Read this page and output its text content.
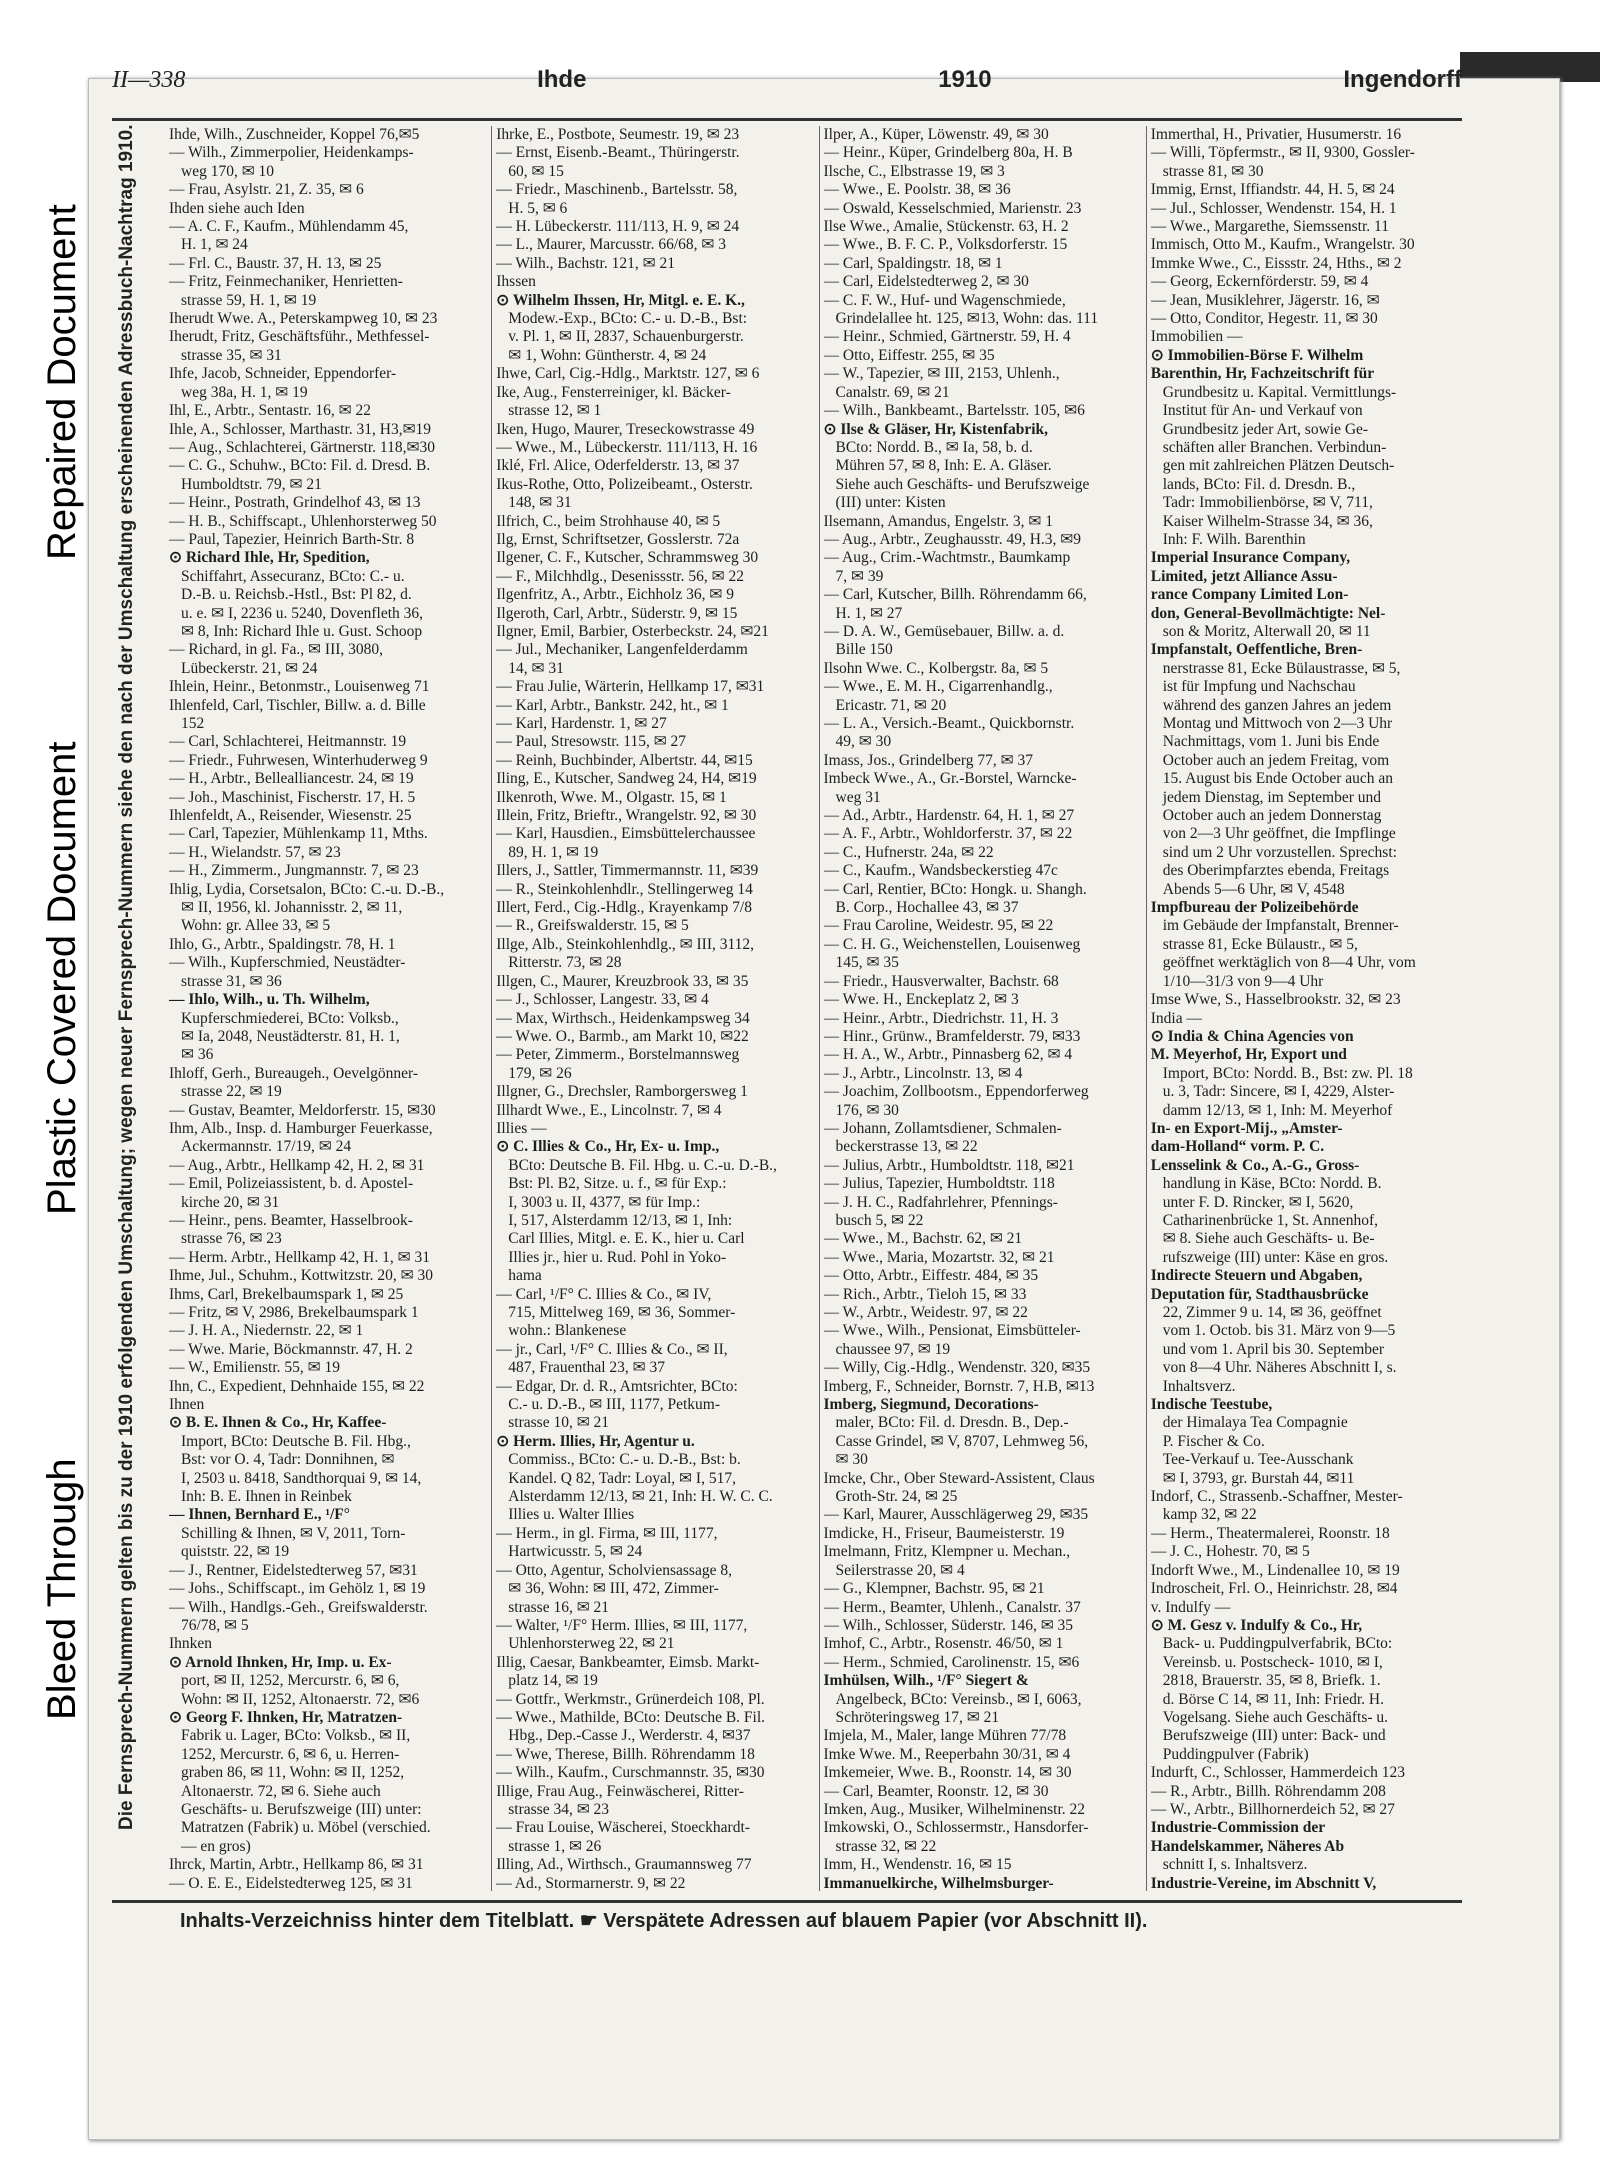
Bleed Through
Plastic Covered Document
Repaired Document
II—338	Ihde	1910	Ingendorff
Die Fernsprech-Nummern gelten bis zu der 1910 erfolgenden Umschaltung; wegen neuer Fernsprech-Nummern siehe den nach der Umschaltung erscheinenden Adressbuch-Nachtrag 1910. Ihde, Wilh., Zuschneider, Koppel 76,✉5
— Wilh., Zimmerpolier, Heidenkamps-
weg 170, ✉ 10
— Frau, Asylstr. 21, Z. 35, ✉ 6
Ihden siehe auch Iden
— A. C. F., Kaufm., Mühlendamm 45,
H. 1, ✉ 24
— Frl. C., Baustr. 37, H. 13, ✉ 25
— Fritz, Feinmechaniker, Henrietten-
strasse 59, H. 1, ✉ 19
Iherudt Wwe. A., Peterskampweg 10, ✉ 23
Iherudt, Fritz, Geschäftsführ., Methfessel-
strasse 35, ✉ 31
Ihfe, Jacob, Schneider, Eppendorfer-
weg 38a, H. 1, ✉ 19
Ihl, E., Arbtr., Sentastr. 16, ✉ 22
Ihle, A., Schlosser, Marthastr. 31, H3,✉19
— Aug., Schlachterei, Gärtnerstr. 118,✉30
— C. G., Schuhw., BCto: Fil. d. Dresd. B.
Humboldtstr. 79, ✉ 21
— Heinr., Postrath, Grindelhof 43, ✉ 13
— H. B., Schiffscapt., Uhlenhorsterweg 50
— Paul, Tapezier, Heinrich Barth-Str. 8
⊙ Richard Ihle, Hr, Spedition,
Schiffahrt, Assecuranz, BCto: C.- u.
D.-B. u. Reichsb.-Hstl., Bst: Pl 82, d.
u. e. ✉ I, 2236 u. 5240, Dovenfleth 36,
✉ 8, Inh: Richard Ihle u. Gust. Schoop
— Richard, in gl. Fa., ✉ III, 3080,
Lübeckerstr. 21, ✉ 24
Ihlein, Heinr., Betonmstr., Louisenweg 71
Ihlenfeld, Carl, Tischler, Billw. a. d. Bille
152
— Carl, Schlachterei, Heitmannstr. 19
— Friedr., Fuhrwesen, Winterhuderweg 9
— H., Arbtr., Bellealliancestr. 24, ✉ 19
— Joh., Maschinist, Fischerstr. 17, H. 5
Ihlenfeldt, A., Reisender, Wiesenstr. 25
— Carl, Tapezier, Mühlenkamp 11, Mths.
— H., Wielandstr. 57, ✉ 23
— H., Zimmerm., Jungmannstr. 7, ✉ 23
Ihlig, Lydia, Corsetsalon, BCto: C.-u. D.-B.,
✉ II, 1956, kl. Johannisstr. 2, ✉ 11,
Wohn: gr. Allee 33, ✉ 5
Ihlo, G., Arbtr., Spaldingstr. 78, H. 1
— Wilh., Kupferschmied, Neustädter-
strasse 31, ✉ 36
— Ihlo, Wilh., u. Th. Wilhelm,
Kupferschmiederei, BCto: Volksb.,
✉ Ia, 2048, Neustädterstr. 81, H. 1,
✉ 36
Ihloff, Gerh., Bureaugeh., Oevelgönner-
strasse 22, ✉ 19
— Gustav, Beamter, Meldorferstr. 15, ✉30
Ihm, Alb., Insp. d. Hamburger Feuerkasse,
Ackermannstr. 17/19, ✉ 24
— Aug., Arbtr., Hellkamp 42, H. 2, ✉ 31
— Emil, Polizeiassistent, b. d. Apostel-
kirche 20, ✉ 31
— Heinr., pens. Beamter, Hasselbrook-
strasse 76, ✉ 23
— Herm. Arbtr., Hellkamp 42, H. 1, ✉ 31
Ihme, Jul., Schuhm., Kottwitzstr. 20, ✉ 30
Ihms, Carl, Brekelbaumspark 1, ✉ 25
— Fritz, ✉ V, 2986, Brekelbaumspark 1
— J. H. A., Niedernstr. 22, ✉ 1
— Wwe. Marie, Böckmannstr. 47, H. 2
— W., Emilienstr. 55, ✉ 19
Ihn, C., Expedient, Dehnhaide 155, ✉ 22
Ihnen
⊙ B. E. Ihnen & Co., Hr, Kaffee-
Import, BCto: Deutsche B. Fil. Hbg.,
Bst: vor O. 4, Tadr: Donnihnen, ✉
I, 2503 u. 8418, Sandthorquai 9, ✉ 14,
Inh: B. E. Ihnen in Reinbek
— Ihnen, Bernhard E., ¹/F°
Schilling & Ihnen, ✉ V, 2011, Torn-
quiststr. 22, ✉ 19
— J., Rentner, Eidelstedterweg 57, ✉31
— Johs., Schiffscapt., im Gehölz 1, ✉ 19
— Wilh., Handlgs.-Geh., Greifswalderstr.
76/78, ✉ 5
Ihnken
⊙ Arnold Ihnken, Hr, Imp. u. Ex-
port, ✉ II, 1252, Mercurstr. 6, ✉ 6,
Wohn: ✉ II, 1252, Altonaerstr. 72, ✉6
⊙ Georg F. Ihnken, Hr, Matratzen-
Fabrik u. Lager, BCto: Volksb., ✉ II,
1252, Mercurstr. 6, ✉ 6, u. Herren-
graben 86, ✉ 11, Wohn: ✉ II, 1252,
Altonaerstr. 72, ✉ 6. Siehe auch
Geschäfts- u. Berufszweige (III) unter:
Matratzen (Fabrik) u. Möbel (verschied.
— en gros)
Ihrck, Martin, Arbtr., Hellkamp 86, ✉ 31
— O. E. E., Eidelstedterweg 125, ✉ 31
Ihrke, E., Postbote, Seumestr. 19, ✉ 23
— Ernst, Eisenb.-Beamt., Thüringerstr.
60, ✉ 15
— Friedr., Maschinenb., Bartelsstr. 58,
H. 5, ✉ 6
— H. Lübeckerstr. 111/113, H. 9, ✉ 24
— L., Maurer, Marcusstr. 66/68, ✉ 3
— Wilh., Bachstr. 121, ✉ 21
Ihssen
⊙ Wilhelm Ihssen, Hr, Mitgl. e. E. K.,
Modew.-Exp., BCto: C.- u. D.-B., Bst:
v. Pl. 1, ✉ II, 2837, Schauenburgerstr.
✉ 1, Wohn: Güntherstr. 4, ✉ 24
Ihwe, Carl, Cig.-Hdlg., Marktstr. 127, ✉ 6
Ike, Aug., Fensterreiniger, kl. Bäcker-
strasse 12, ✉ 1
Iken, Hugo, Maurer, Treseckowstrasse 49
— Wwe., M., Lübeckerstr. 111/113, H. 16
Iklé, Frl. Alice, Oderfelderstr. 13, ✉ 37
Ikus-Rothe, Otto, Polizeibeamt., Osterstr.
148, ✉ 31
Ilfrich, C., beim Strohhause 40, ✉ 5
Ilg, Ernst, Schriftsetzer, Gosslerstr. 72a
Ilgener, C. F., Kutscher, Schrammsweg 30
— F., Milchhdlg., Desenissstr. 56, ✉ 22
Ilgenfritz, A., Arbtr., Eichholz 36, ✉ 9
Ilgeroth, Carl, Arbtr., Süderstr. 9, ✉ 15
Ilgner, Emil, Barbier, Osterbeckstr. 24, ✉21
— Jul., Mechaniker, Langenfelderdamm
14, ✉ 31
— Frau Julie, Wärterin, Hellkamp 17, ✉31
— Karl, Arbtr., Bankstr. 242, ht., ✉ 1
— Karl, Hardenstr. 1, ✉ 27
— Paul, Stresowstr. 115, ✉ 27
— Reinh, Buchbinder, Albertstr. 44, ✉15
Iling, E., Kutscher, Sandweg 24, H4, ✉19
Ilkenroth, Wwe. M., Olgastr. 15, ✉ 1
Illein, Fritz, Brieftr., Wrangelstr. 92, ✉ 30
— Karl, Hausdien., Eimsbüttelerchaussee
89, H. 1, ✉ 19
Illers, J., Sattler, Timmermannstr. 11, ✉39
— R., Steinkohlenhdlr., Stellingerweg 14
Illert, Ferd., Cig.-Hdlg., Krayenkamp 7/8
— R., Greifswalderstr. 15, ✉ 5
Illge, Alb., Steinkohlenhdlg., ✉ III, 3112,
Ritterstr. 73, ✉ 28
Illgen, C., Maurer, Kreuzbrook 33, ✉ 35
— J., Schlosser, Langestr. 33, ✉ 4
— Max, Wirthsch., Heidenkampsweg 34
— Wwe. O., Barmb., am Markt 10, ✉22
— Peter, Zimmerm., Borstelmannsweg
179, ✉ 26
Illgner, G., Drechsler, Ramborgersweg 1
Illhardt Wwe., E., Lincolnstr. 7, ✉ 4
Illies —
⊙ C. Illies & Co., Hr, Ex- u. Imp.,
BCto: Deutsche B. Fil. Hbg. u. C.-u. D.-B.,
Bst: Pl. B2, Sitze. u. f., ✉ für Exp.:
I, 3003 u. II, 4377, ✉ für Imp.:
I, 517, Alsterdamm 12/13, ✉ 1, Inh:
Carl Illies, Mitgl. e. E. K., hier u. Carl
Illies jr., hier u. Rud. Pohl in Yoko-
hama
— Carl, ¹/F° C. Illies & Co., ✉ IV,
715, Mittelweg 169, ✉ 36, Sommer-
wohn.: Blankenese
— jr., Carl, ¹/F° C. Illies & Co., ✉ II,
487, Frauenthal 23, ✉ 37
— Edgar, Dr. d. R., Amtsrichter, BCto:
C.- u. D.-B., ✉ III, 1177, Petkum-
strasse 10, ✉ 21
⊙ Herm. Illies, Hr, Agentur u.
Commiss., BCto: C.- u. D.-B., Bst: b.
Kandel. Q 82, Tadr: Loyal, ✉ I, 517,
Alsterdamm 12/13, ✉ 21, Inh: H. W. C. C.
Illies u. Walter Illies
— Herm., in gl. Firma, ✉ III, 1177,
Hartwicusstr. 5, ✉ 24
— Otto, Agentur, Scholviensassage 8,
✉ 36, Wohn: ✉ III, 472, Zimmer-
strasse 16, ✉ 21
— Walter, ¹/F° Herm. Illies, ✉ III, 1177,
Uhlenhorsterweg 22, ✉ 21
Illig, Caesar, Bankbeamter, Eimsb. Markt-
platz 14, ✉ 19
— Gottfr., Werkmstr., Grünerdeich 108, Pl.
— Wwe., Mathilde, BCto: Deutsche B. Fil.
Hbg., Dep.-Casse J., Werderstr. 4, ✉37
— Wwe, Therese, Billh. Röhrendamm 18
— Wilh., Kaufm., Curschmannstr. 35, ✉30
Illige, Frau Aug., Feinwäscherei, Ritter-
strasse 34, ✉ 23
— Frau Louise, Wäscherei, Stoeckhardt-
strasse 1, ✉ 26
Illing, Ad., Wirthsch., Graumannsweg 77
— Ad., Stormarnerstr. 9, ✉ 22
Ilper, A., Küper, Löwenstr. 49, ✉ 30
— Heinr., Küper, Grindelberg 80a, H. B
Ilsche, C., Elbstrasse 19, ✉ 3
— Wwe., E. Poolstr. 38, ✉ 36
— Oswald, Kesselschmied, Marienstr. 23
Ilse Wwe., Amalie, Stückenstr. 63, H. 2
— Wwe., B. F. C. P., Volksdorferstr. 15
— Carl, Spaldingstr. 18, ✉ 1
— Carl, Eidelstedterweg 2, ✉ 30
— C. F. W., Huf- und Wagenschmiede,
Grindelallee ht. 125, ✉13, Wohn: das. 111
— Heinr., Schmied, Gärtnerstr. 59, H. 4
— Otto, Eiffestr. 255, ✉ 35
— W., Tapezier, ✉ III, 2153, Uhlenh.,
Canalstr. 69, ✉ 21
— Wilh., Bankbeamt., Bartelsstr. 105, ✉6
⊙ Ilse & Gläser, Hr, Kistenfabrik,
BCto: Nordd. B., ✉ Ia, 58, b. d.
Mühren 57, ✉ 8, Inh: E. A. Gläser.
Siehe auch Geschäfts- und Berufszweige
(III) unter: Kisten
Ilsemann, Amandus, Engelstr. 3, ✉ 1
— Aug., Arbtr., Zeughausstr. 49, H.3, ✉9
— Aug., Crim.-Wachtmstr., Baumkamp
7, ✉ 39
— Carl, Kutscher, Billh. Röhrendamm 66,
H. 1, ✉ 27
— D. A. W., Gemüsebauer, Billw. a. d.
Bille 150
Ilsohn Wwe. C., Kolbergstr. 8a, ✉ 5
— Wwe., E. M. H., Cigarrenhandlg.,
Ericastr. 71, ✉ 20
— L. A., Versich.-Beamt., Quickbornstr.
49, ✉ 30
Imass, Jos., Grindelberg 77, ✉ 37
Imbeck Wwe., A., Gr.-Borstel, Warncke-
weg 31
— Ad., Arbtr., Hardenstr. 64, H. 1, ✉ 27
— A. F., Arbtr., Wohldorferstr. 37, ✉ 22
— C., Hufnerstr. 24a, ✉ 22
— C., Kaufm., Wandsbeckerstieg 47c
— Carl, Rentier, BCto: Hongk. u. Shangh.
B. Corp., Hochallee 43, ✉ 37
— Frau Caroline, Weidestr. 95, ✉ 22
— C. H. G., Weichenstellen, Louisenweg
145, ✉ 35
— Friedr., Hausverwalter, Bachstr. 68
— Wwe. H., Enckeplatz 2, ✉ 3
— Heinr., Arbtr., Diedrichstr. 11, H. 3
— Hinr., Grünw., Bramfelderstr. 79, ✉33
— H. A., W., Arbtr., Pinnasberg 62, ✉ 4
— J., Arbtr., Lincolnstr. 13, ✉ 4
— Joachim, Zollbootsm., Eppendorferweg
176, ✉ 30
— Johann, Zollamtsdiener, Schmalen-
beckerstrasse 13, ✉ 22
— Julius, Arbtr., Humboldtstr. 118, ✉21
— Julius, Tapezier, Humboldtstr. 118
— J. H. C., Radfahrlehrer, Pfennings-
busch 5, ✉ 22
— Wwe., M., Bachstr. 62, ✉ 21
— Wwe., Maria, Mozartstr. 32, ✉ 21
— Otto, Arbtr., Eiffestr. 484, ✉ 35
— Rich., Arbtr., Tieloh 15, ✉ 33
— W., Arbtr., Weidestr. 97, ✉ 22
— Wwe., Wilh., Pensionat, Eimsbütteler-
chaussee 97, ✉ 19
— Willy, Cig.-Hdlg., Wendenstr. 320, ✉35
Imberg, F., Schneider, Bornstr. 7, H.B, ✉13
Imberg, Siegmund, Decorations-
maler, BCto: Fil. d. Dresdn. B., Dep.-
Casse Grindel, ✉ V, 8707, Lehmweg 56,
✉ 30
Imcke, Chr., Ober Steward-Assistent, Claus
Groth-Str. 24, ✉ 25
— Karl, Maurer, Ausschlägerweg 29, ✉35
Imdicke, H., Friseur, Baumeisterstr. 19
Imelmann, Fritz, Klempner u. Mechan.,
Seilerstrasse 20, ✉ 4
— G., Klempner, Bachstr. 95, ✉ 21
— Herm., Beamter, Uhlenh., Canalstr. 37
— Wilh., Schlosser, Süderstr. 146, ✉ 35
Imhof, C., Arbtr., Rosenstr. 46/50, ✉ 1
— Herm., Schmied, Carolinenstr. 15, ✉6
Imhülsen, Wilh., ¹/F° Siegert &
Angelbeck, BCto: Vereinsb., ✉ I, 6063,
Schröteringsweg 17, ✉ 21
Imjela, M., Maler, lange Mühren 77/78
Imke Wwe. M., Reeperbahn 30/31, ✉ 4
Imkemeier, Wwe. B., Roonstr. 14, ✉ 30
— Carl, Beamter, Roonstr. 12, ✉ 30
Imken, Aug., Musiker, Wilhelminenstr. 22
Imkowski, O., Schlossermstr., Hansdorfer-
strasse 32, ✉ 22
Imm, H., Wendenstr. 16, ✉ 15
Immanuelkirche, Wilhelmsburger-
Immerthal, H., Privatier, Husumerstr. 16
— Willi, Töpfermstr., ✉ II, 9300, Gossler-
strasse 81, ✉ 30
Immig, Ernst, Iffiandstr. 44, H. 5, ✉ 24
— Jul., Schlosser, Wendenstr. 154, H. 1
— Wwe., Margarethe, Siemssenstr. 11
Immisch, Otto M., Kaufm., Wrangelstr. 30
Immke Wwe., C., Eissstr. 24, Hths., ✉ 2
— Georg, Eckernförderstr. 59, ✉ 4
— Jean, Musiklehrer, Jägerstr. 16, ✉
— Otto, Conditor, Hegestr. 11, ✉ 30
Immobilien —
⊙ Immobilien-Börse F. Wilhelm
Barenthin, Hr, Fachzeitschrift für
Grundbesitz u. Kapital. Vermittlungs-
Institut für An- und Verkauf von
Grundbesitz jeder Art, sowie Ge-
schäften aller Branchen. Verbindun-
gen mit zahlreichen Plätzen Deutsch-
lands, BCto: Fil. d. Dresdn. B.,
Tadr: Immobilienbörse, ✉ V, 711,
Kaiser Wilhelm-Strasse 34, ✉ 36,
Inh: F. Wilh. Barenthin
Imperial Insurance Company,
Limited, jetzt Alliance Assu-
rance Company Limited Lon-
don, General-Bevollmächtigte: Nel-
son & Moritz, Alterwall 20, ✉ 11
Impfanstalt, Oeffentliche, Bren-
nerstrasse 81, Ecke Bülaustrasse, ✉ 5,
ist für Impfung und Nachschau
während des ganzen Jahres an jedem
Montag und Mittwoch von 2—3 Uhr
Nachmittags, vom 1. Juni bis Ende
October auch an jedem Freitag, vom
15. August bis Ende October auch an
jedem Dienstag, im September und
October auch an jedem Donnerstag
von 2—3 Uhr geöffnet, die Impflinge
sind um 2 Uhr vorzustellen. Sprechst:
des Oberimpfarztes ebenda, Freitags
Abends 5—6 Uhr, ✉ V, 4548
Impfbureau der Polizeibehörde
im Gebäude der Impfanstalt, Brenner-
strasse 81, Ecke Bülaustr., ✉ 5,
geöffnet werktäglich von 8—4 Uhr, vom
1/10—31/3 von 9—4 Uhr
Imse Wwe, S., Hasselbrookstr. 32, ✉ 23
India —
⊙ India & China Agencies von
M. Meyerhof, Hr, Export und
Import, BCto: Nordd. B., Bst: zw. Pl. 18
u. 3, Tadr: Sincere, ✉ I, 4229, Alster-
damm 12/13, ✉ 1, Inh: M. Meyerhof
In- en Export-Mij., „Amster-
dam-Holland“ vorm. P. C.
Lensselink & Co., A.-G., Gross-
handlung in Käse, BCto: Nordd. B.
unter F. D. Rincker, ✉ I, 5620,
Catharinenbrücke 1, St. Annenhof,
✉ 8. Siehe auch Geschäfts- u. Be-
rufszweige (III) unter: Käse en gros.
Indirecte Steuern und Abgaben,
Deputation für, Stadthausbrücke
22, Zimmer 9 u. 14, ✉ 36, geöffnet
vom 1. Octob. bis 31. März von 9—5
und vom 1. April bis 30. September
von 8—4 Uhr. Näheres Abschnitt I, s.
Inhaltsverz.
Indische Teestube,
der Himalaya Tea Compagnie
P. Fischer & Co.
Tee-Verkauf u. Tee-Ausschank
✉ I, 3793, gr. Burstah 44, ✉11
Indorf, C., Strassenb.-Schaffner, Mester-
kamp 32, ✉ 22
— Herm., Theatermalerei, Roonstr. 18
— J. C., Hohestr. 70, ✉ 5
Indorft Wwe., M., Lindenallee 10, ✉ 19
Indroscheit, Frl. O., Heinrichstr. 28, ✉4
v. Indulfy —
⊙ M. Gesz v. Indulfy & Co., Hr,
Back- u. Puddingpulverfabrik, BCto:
Vereinsb. u. Postscheck- 1010, ✉ I,
2818, Brauerstr. 35, ✉ 8, Briefk. 1.
d. Börse C 14, ✉ 11, Inh: Friedr. H.
Vogelsang. Siehe auch Geschäfts- u.
Berufszweige (III) unter: Back- und
Puddingpulver (Fabrik)
Indurft, C., Schlosser, Hammerdeich 123
— R., Arbtr., Billh. Röhrendamm 208
— W., Arbtr., Billhornerdeich 52, ✉ 27
Industrie-Commission der
Handelskammer, Näheres Ab
schnitt I, s. Inhaltsverz.
Industrie-Vereine, im Abschnitt V,
Inhalts-Verzeichniss hinter dem Titelblatt. ☛ Verspätete Adressen auf blauem Papier (vor Abschnitt II).
